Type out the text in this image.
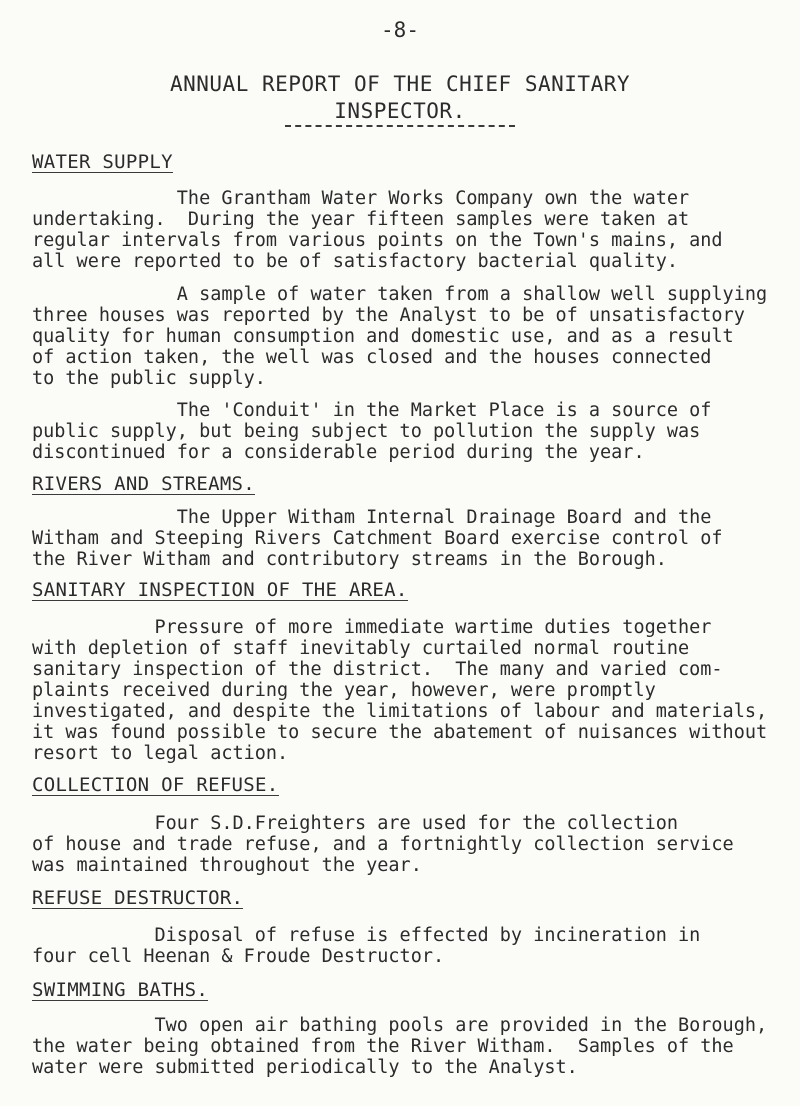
-8-
ANNUAL REPORT OF THE CHIEF SANITARY
INSPECTOR.
WATER SUPPLY
The Grantham Water Works Company own the water
undertaking.  During the year fifteen samples were taken at
regular intervals from various points on the Town's mains, and
all were reported to be of satisfactory bacterial quality.
A sample of water taken from a shallow well supplying
three houses was reported by the Analyst to be of unsatisfactory
quality for human consumption and domestic use, and as a result
of action taken, the well was closed and the houses connected
to the public supply.
The 'Conduit' in the Market Place is a source of
public supply, but being subject to pollution the supply was
discontinued for a considerable period during the year.
RIVERS AND STREAMS.
The Upper Witham Internal Drainage Board and the
Witham and Steeping Rivers Catchment Board exercise control of
the River Witham and contributory streams in the Borough.
SANITARY INSPECTION OF THE AREA.
Pressure of more immediate wartime duties together
with depletion of staff inevitably curtailed normal routine
sanitary inspection of the district.  The many and varied com-
plaints received during the year, however, were promptly
investigated, and despite the limitations of labour and materials,
it was found possible to secure the abatement of nuisances without
resort to legal action.
COLLECTION OF REFUSE.
Four S.D.Freighters are used for the collection
of house and trade refuse, and a fortnightly collection service
was maintained throughout the year.
REFUSE DESTRUCTOR.
Disposal of refuse is effected by incineration in
four cell Heenan & Froude Destructor.
SWIMMING BATHS.
Two open air bathing pools are provided in the Borough,
the water being obtained from the River Witham.  Samples of the
water were submitted periodically to the Analyst.
